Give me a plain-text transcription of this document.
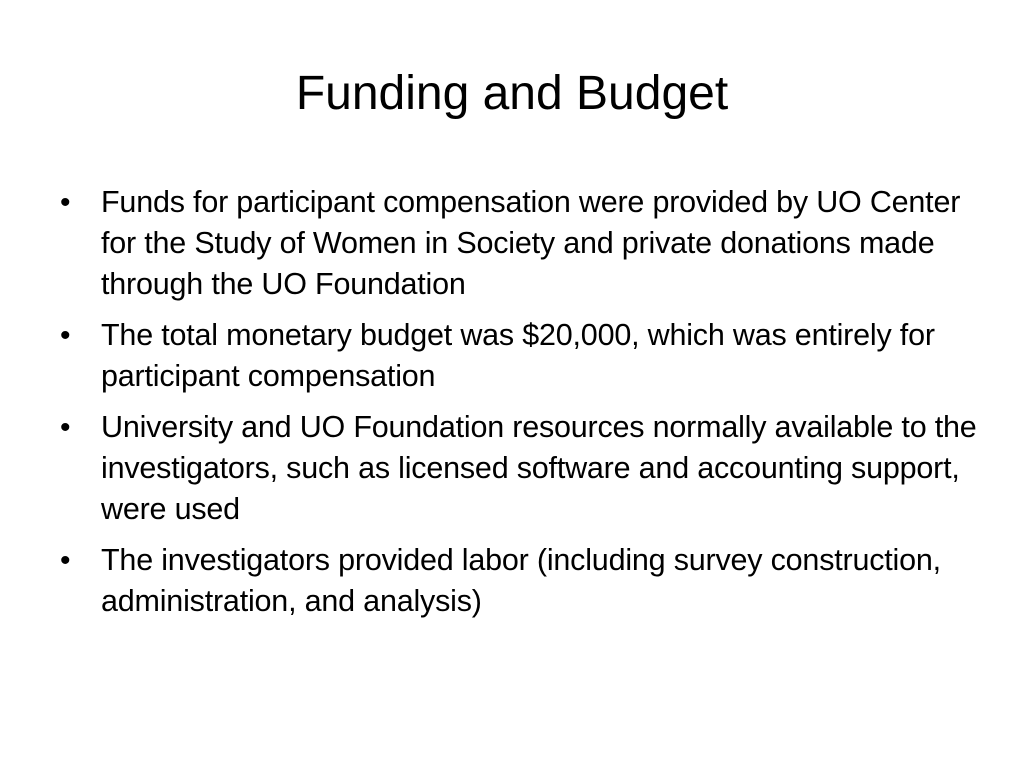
Funding and Budget
• Funds for participant compensation were provided by UO Center for the Study of Women in Society and private donations made through the UO Foundation
• The total monetary budget was $20,000, which was entirely for participant compensation
• University and UO Foundation resources normally available to the investigators, such as licensed software and accounting support, were used
• The investigators provided labor (including survey construction, administration, and analysis)
